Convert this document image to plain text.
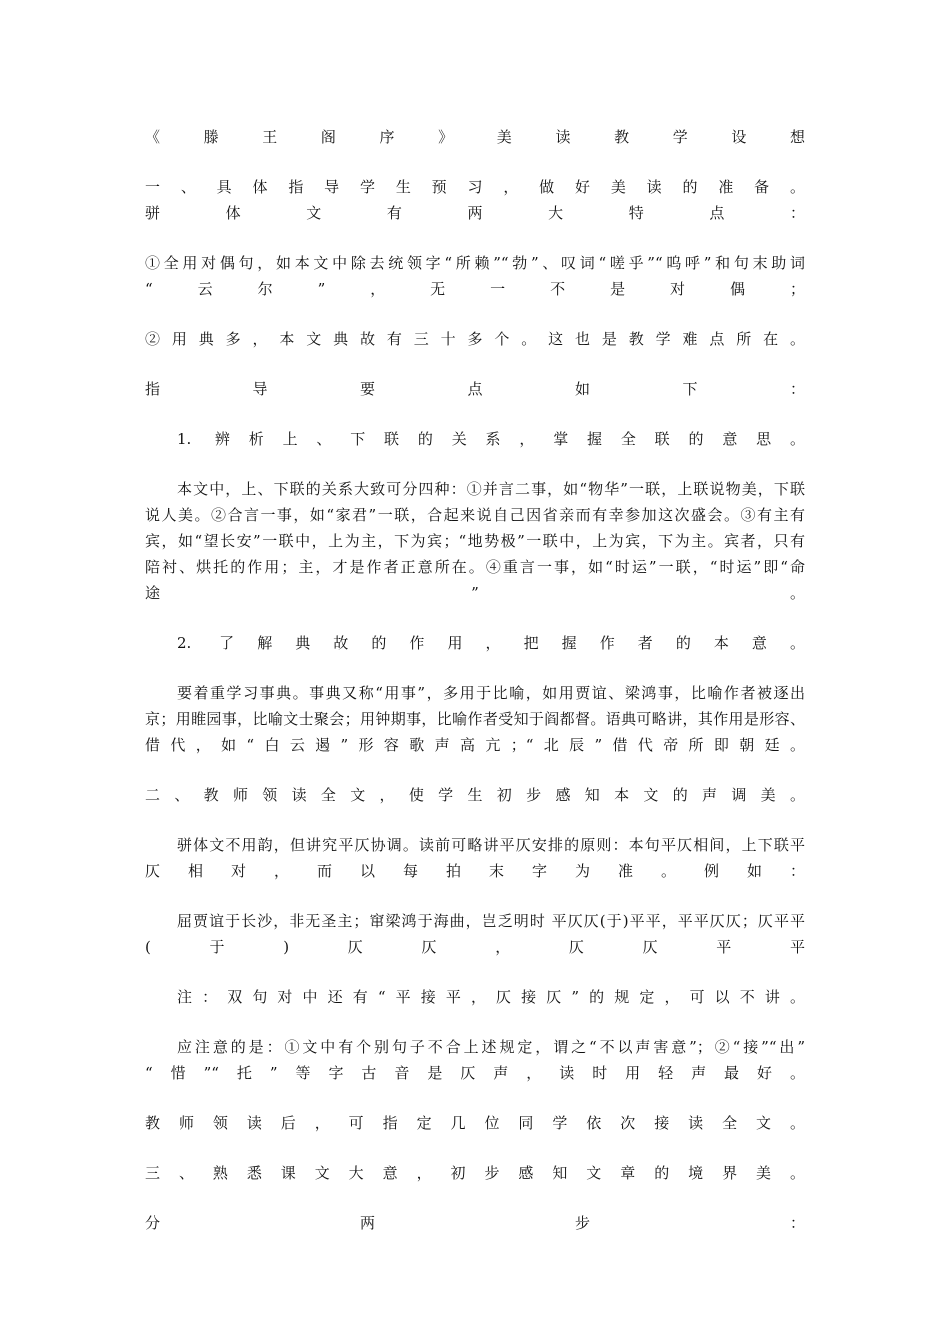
《滕王阁序》美读教学设想
一、具体指导学生预习，做好美读的准备。
骈体文有两大特点：
①全用对偶句，如本文中除去统领字“所赖”“勃”、叹词“嗟乎”“呜呼”和句末助词
“云尔”，无一不是对偶；
②用典多，本文典故有三十多个。这也是教学难点所在。
指导要点如下：
1. 辨析上、下联的关系，掌握全联的意思。
本文中，上、下联的关系大致可分四种：①并言二事，如“物华”一联，上联说物美，下联
说人美。②合言一事，如“家君”一联，合起来说自己因省亲而有幸参加这次盛会。③有主有
宾，如“望长安”一联中，上为主，下为宾；“地势极”一联中，上为宾，下为主。宾者，只有
陪衬、烘托的作用；主，才是作者正意所在。④重言一事，如“时运”一联，“时运”即“命
途”。
2. 了解典故的作用，把握作者的本意。
要着重学习事典。事典又称“用事”，多用于比喻，如用贾谊、梁鸿事，比喻作者被逐出
京；用睢园事，比喻文士聚会；用钟期事，比喻作者受知于阎都督。语典可略讲，其作用是形容、
借代，如“白云遏”形容歌声高亢；“北辰”借代帝所即朝廷。
二、教师领读全文，使学生初步感知本文的声调美。
骈体文不用韵，但讲究平仄协调。读前可略讲平仄安排的原则：本句平仄相间，上下联平
仄相对，而以每拍末字为准。例如：
屈贾谊于长沙，非无圣主；窜梁鸿于海曲，岂乏明时 平仄仄(于)平平，平平仄仄；仄平平
(于)仄仄，仄仄平平
注：双句对中还有“平接平，仄接仄”的规定，可以不讲。
应注意的是：①文中有个别句子不合上述规定，谓之“不以声害意”；②“接”“出”
“惜”“托”等字古音是仄声，读时用轻声最好。
教师领读后，可指定几位同学依次接读全文。
三、熟悉课文大意，初步感知文章的境界美。
分两步：
